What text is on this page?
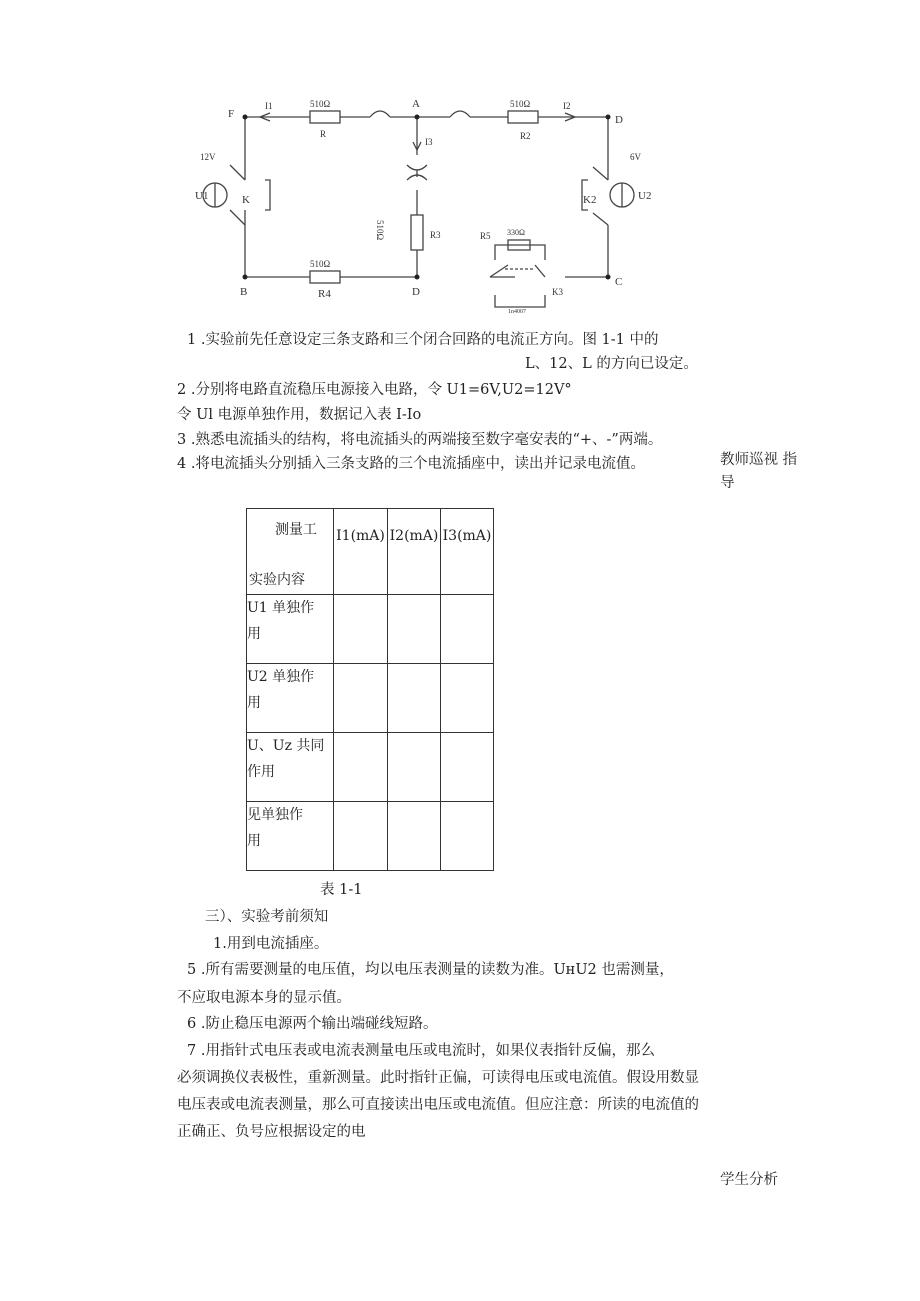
F
A
D
C
B	D
I1	I2
I3
510Ω
R
510Ω
R2
R3
510Ω
510Ω
R4
R5 330Ω
U1
12V
U2
6V
K	K2
K3
1n4007
1 .实验前先任意设定三条支路和三个闭合回路的电流正方向。图 1-1 中的
L、12、L 的方向已设定。
2 .分别将电路直流稳压电源接入电路，令 U1=6V,U2=12V°
令 Ul 电源单独作用，数据记入表 I-Io
3 .熟悉电流插头的结构，将电流插头的两端接至数字毫安表的“+、-”两端。
4 .将电流插头分别插入三条支路的三个电流插座中，读出并记录电流值。	教师巡视 指
导
测量工
实验内容	I1(mA)	I2(mA)	I3(mA)

U1 单独作
用			

U2 单独作
用			

U、Uz 共同
作用			

见单独作
用			

表 1-1
三）、实验考前须知
1.用到电流插座。
5 .所有需要测量的电压值，均以电压表测量的读数为准。UнU2 也需测量，
不应取电源本身的显示值。
6 .防止稳压电源两个输出端碰线短路。
7 .用指针式电压表或电流表测量电压或电流时，如果仪表指针反偏，那么
必须调换仪表极性，重新测量。此时指针正偏，可读得电压或电流值。假设用数显
电压表或电流表测量，那么可直接读出电压或电流值。但应注意：所读的电流值的
正确正、负号应根据设定的电
学生分析
